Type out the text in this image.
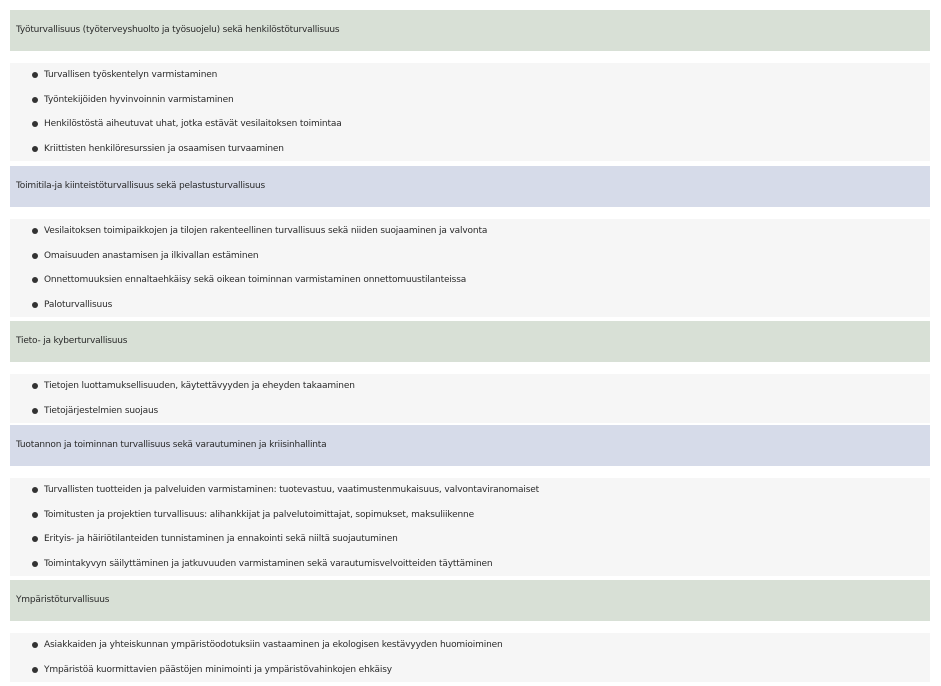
Työturvallisuus (työterveyshuolto ja työsuojelu) sekä henkilöstöturvallisuus
Turvallisen työskentelyn varmistaminen
Työntekijöiden hyvinvoinnin varmistaminen
Henkilöstöstä aiheutuvat uhat, jotka estävät vesilaitoksen toimintaa
Kriittisten henkilöresurssien ja osaamisen turvaaminen
Toimitila-ja kiinteistöturvallisuus sekä pelastusturvallisuus
Vesilaitoksen toimipaikkojen ja tilojen rakenteellinen turvallisuus sekä niiden suojaaminen ja valvonta
Omaisuuden anastamisen ja ilkivallan estäminen
Onnettomuuksien ennaltaehkäisy sekä oikean toiminnan varmistaminen onnettomuustilanteissa
Paloturvallisuus
Tieto- ja kyberturvallisuus
Tietojen luottamuksellisuuden, käytettävyyden ja eheyden takaaminen
Tietojärjestelmien suojaus
Tuotannon ja toiminnan turvallisuus sekä varautuminen ja kriisinhallinta
Turvallisten tuotteiden ja palveluiden varmistaminen: tuotevastuu, vaatimustenmukaisuus, valvontaviranomaiset
Toimitusten ja projektien turvallisuus: alihankkijat ja palvelutoimittajat, sopimukset, maksuliikenne
Erityis- ja häiriötilanteiden tunnistaminen ja ennakointi sekä niiltä suojautuminen
Toimintakyvyn säilyttäminen ja jatkuvuuden varmistaminen sekä varautumisvelvoitteiden täyttäminen
Ympäristöturvallisuus
Asiakkaiden ja yhteiskunnan ympäristöodotuksiin vastaaminen ja ekologisen kestävyyden huomioiminen
Ympäristöä kuormittavien päästöjen minimointi ja ympäristövahinkojen ehkäisy
